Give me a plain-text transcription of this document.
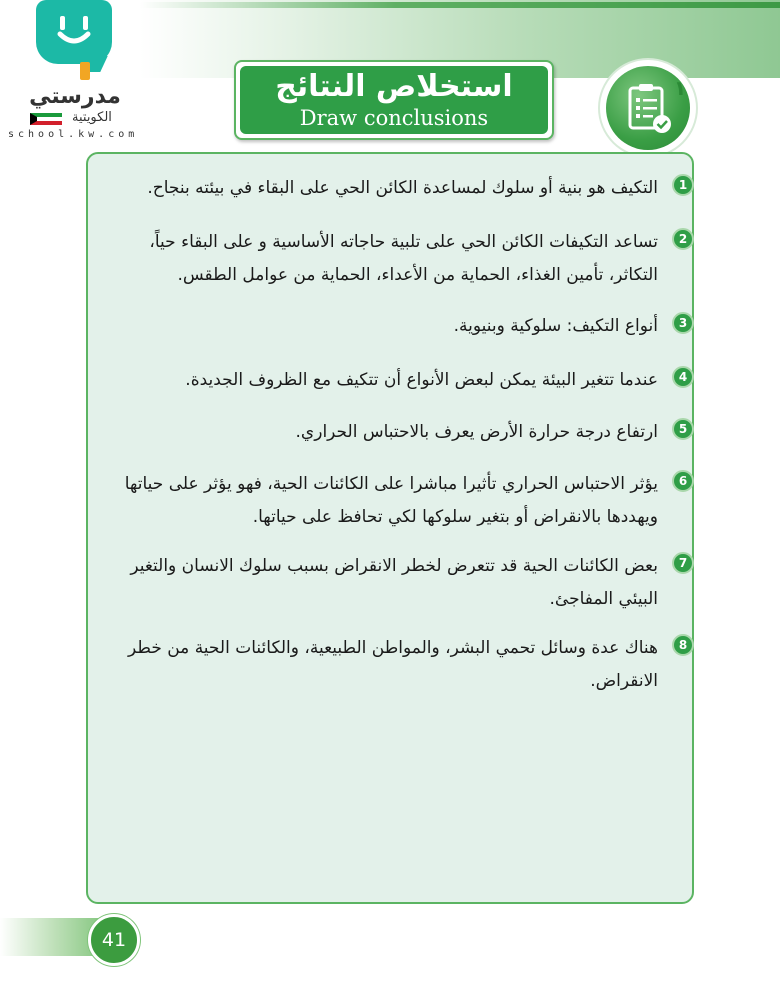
مدرستي
الكويتية
school.kw.com
استخلاص النتائج
Draw conclusions
١
1
التكيف هو بنية أو سلوك لمساعدة الكائن الحي على البقاء في بيئته بنجاح.
2
تساعد التكيفات الكائن الحي على تلبية حاجاته الأساسية و على البقاء حياً، التكاثر، تأمين الغذاء، الحماية من الأعداء، الحماية من عوامل الطقس.
3
أنواع التكيف: سلوكية وبنيوية.
4
عندما تتغير البيئة يمكن لبعض الأنواع أن تتكيف مع الظروف الجديدة.
5
ارتفاع درجة حرارة الأرض يعرف بالاحتباس الحراري.
6
يؤثر الاحتباس الحراري تأثيرا مباشرا على الكائنات الحية، فهو يؤثر على حياتها ويهددها بالانقراض أو بتغير سلوكها لكي تحافظ على حياتها.
7
بعض الكائنات الحية قد تتعرض لخطر الانقراض بسبب سلوك الانسان والتغير البيئي المفاجئ.
8
هناك عدة وسائل تحمي البشر، والمواطن الطبيعية، والكائنات الحية من خطر الانقراض.
41
